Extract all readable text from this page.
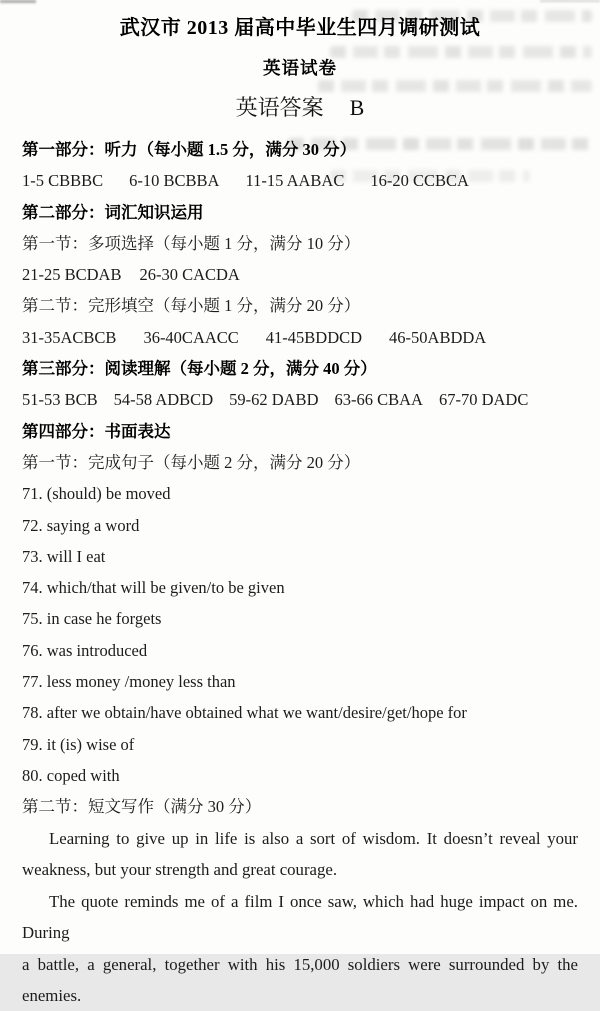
武汉市 2013 届高中毕业生四月调研测试
英语试卷
英语答案 B
第一部分：听力（每小题 1.5 分，满分 30 分）
1-5 CBBBC 6-10 BCBBA 11-15 AABAC 16-20 CCBCA
第二部分：词汇知识运用
第一节：多项选择（每小题 1 分，满分 10 分）
21-25 BCDAB 26-30 CACDA
第二节：完形填空（每小题 1 分，满分 20 分）
31-35ACBCB 36-40CAACC 41-45BDDCD 46-50ABDDA
第三部分：阅读理解（每小题 2 分，满分 40 分）
51-53 BCB 54-58 ADBCD 59-62 DABD 63-66 CBAA 67-70 DADC
第四部分：书面表达
第一节：完成句子（每小题 2 分，满分 20 分）
71. (should) be moved
72. saying a word
73. will I eat
74. which/that will be given/to be given
75. in case he forgets
76. was introduced
77. less money /money less than
78. after we obtain/have obtained what we want/desire/get/hope for
79. it (is) wise of
80. coped with
第二节：短文写作（满分 30 分）
Learning to give up in life is also a sort of wisdom. It doesn’t reveal your
weakness, but your strength and great courage.
The quote reminds me of a film I once saw, which had huge impact on me. During
a battle, a general, together with his 15,000 soldiers were surrounded by the enemies.
